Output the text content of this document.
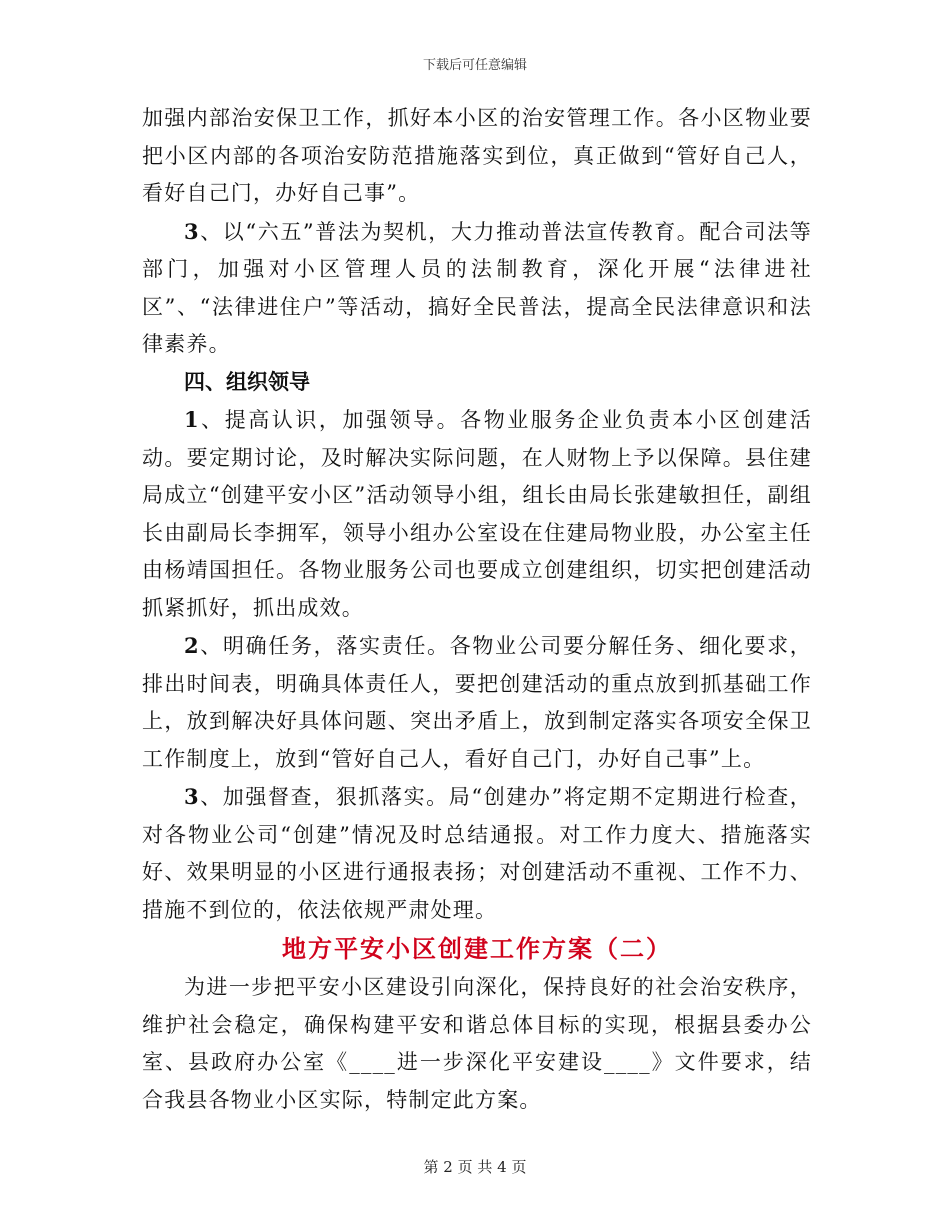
下载后可任意编辑

加强内部治安保卫工作，抓好本小区的治安管理工作。各小区物业要把小区内部的各项治安防范措施落实到位，真正做到“管好自己人，看好自己门，办好自己事”。

3、以“六五”普法为契机，大力推动普法宣传教育。配合司法等部门，加强对小区管理人员的法制教育，深化开展“法律进社区”、“法律进住户”等活动，搞好全民普法，提高全民法律意识和法律素养。

四、组织领导

1、提高认识，加强领导。各物业服务企业负责本小区创建活动。要定期讨论，及时解决实际问题，在人财物上予以保障。县住建局成立“创建平安小区”活动领导小组，组长由局长张建敏担任，副组长由副局长李拥军，领导小组办公室设在住建局物业股，办公室主任由杨靖国担任。各物业服务公司也要成立创建组织，切实把创建活动抓紧抓好，抓出成效。

2、明确任务，落实责任。各物业公司要分解任务、细化要求，排出时间表，明确具体责任人，要把创建活动的重点放到抓基础工作上，放到解决好具体问题、突出矛盾上，放到制定落实各项安全保卫工作制度上，放到“管好自己人，看好自己门，办好自己事”上。

3、加强督查，狠抓落实。局“创建办”将定期不定期进行检查，对各物业公司“创建”情况及时总结通报。对工作力度大、措施落实好、效果明显的小区进行通报表扬；对创建活动不重视、工作不力、措施不到位的，依法依规严肃处理。

地方平安小区创建工作方案（二）

为进一步把平安小区建设引向深化，保持良好的社会治安秩序，维护社会稳定，确保构建平安和谐总体目标的实现，根据县委办公室、县政府办公室《____进一步深化平安建设____》文件要求，结合我县各物业小区实际，特制定此方案。

第 2 页 共 4 页
